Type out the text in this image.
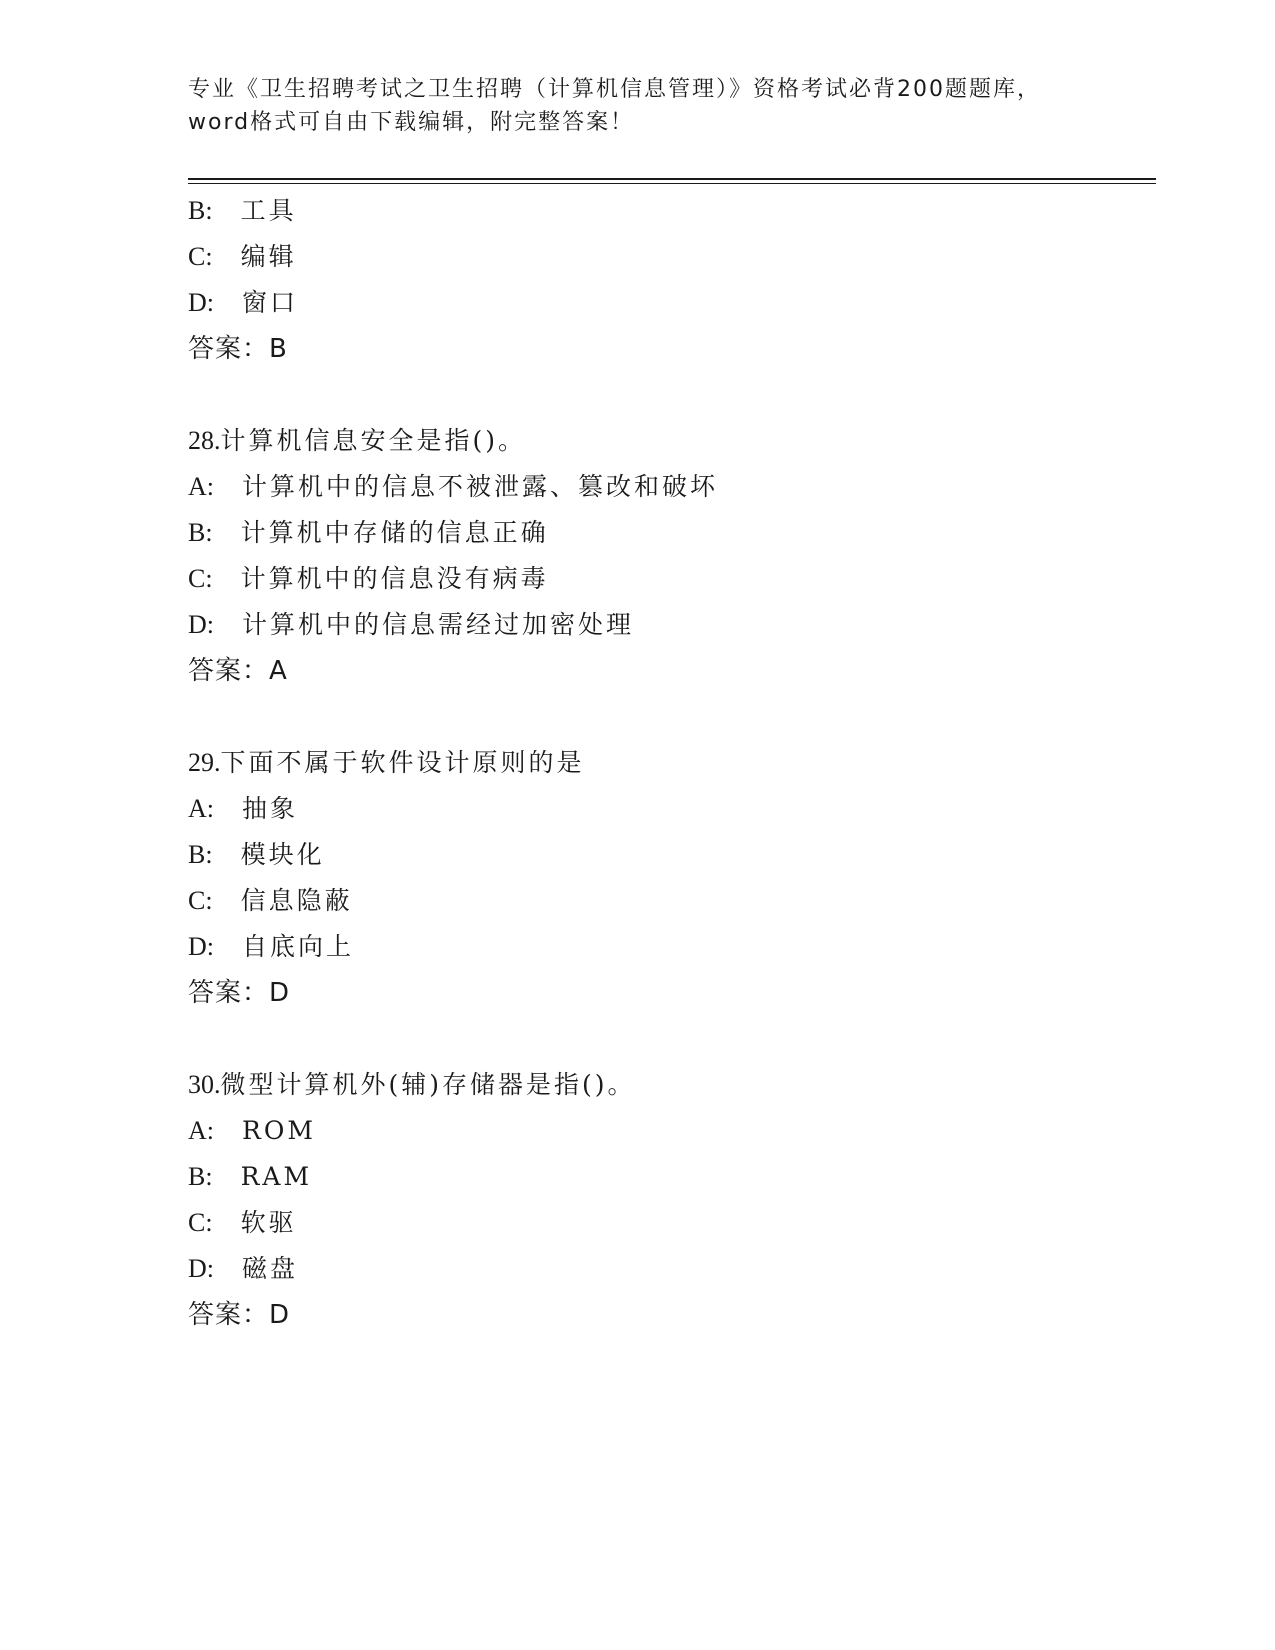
专业《卫生招聘考试之卫生招聘（计算机信息管理）》资格考试必背200题题库，
word格式可自由下载编辑，附完整答案！
B: 工具
C: 编辑
D: 窗口
答案：B
28.计算机信息安全是指()。
A: 计算机中的信息不被泄露、篡改和破坏
B: 计算机中存储的信息正确
C: 计算机中的信息没有病毒
D: 计算机中的信息需经过加密处理
答案：A
29.下面不属于软件设计原则的是
A: 抽象
B: 模块化
C: 信息隐蔽
D: 自底向上
答案：D
30.微型计算机外(辅)存储器是指()。
A: ROM
B: RAM
C: 软驱
D: 磁盘
答案：D
